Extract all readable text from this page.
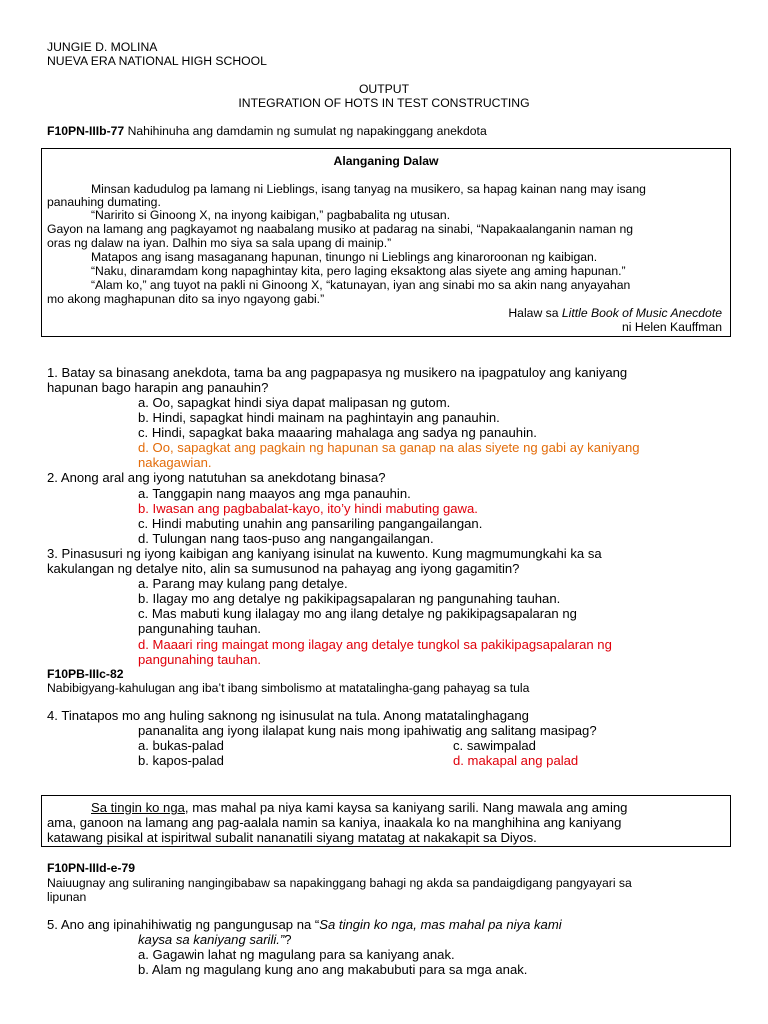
JUNGIE D. MOLINA
NUEVA ERA NATIONAL HIGH SCHOOL
OUTPUT
INTEGRATION OF HOTS IN TEST CONSTRUCTING
F10PN-IIIb-77 Nahihinuha ang damdamin ng sumulat ng napakinggang anekdota
Alanganing Dalaw
Minsan kadudulog pa lamang ni Lieblings, isang tanyag na musikero, sa hapag kainan nang may isang
panauhing dumating.
“Naririto si Ginoong X, na inyong kaibigan,” pagbabalita ng utusan.
Gayon na lamang ang pagkayamot ng naabalang musiko at padarag na sinabi, “Napakaalanganin naman ng
oras ng dalaw na iyan. Dalhin mo siya sa sala upang di mainip.”
Matapos ang isang masaganang hapunan, tinungo ni Lieblings ang kinaroroonan ng kaibigan.
“Naku, dinaramdam kong napaghintay kita, pero laging eksaktong alas siyete ang aming hapunan.”
“Alam ko,” ang tuyot na pakli ni Ginoong X, “katunayan, iyan ang sinabi mo sa akin nang anyayahan
mo akong maghapunan dito sa inyo ngayong gabi.”
Halaw sa Little Book of Music Anecdote
ni Helen Kauffman
1. Batay sa binasang anekdota, tama ba ang pagpapasya ng musikero na ipagpatuloy ang kaniyang
hapunan bago harapin ang panauhin?
a. Oo, sapagkat hindi siya dapat malipasan ng gutom.
b. Hindi, sapagkat hindi mainam na paghintayin ang panauhin.
c. Hindi, sapagkat baka maaaring mahalaga ang sadya ng panauhin.
d. Oo, sapagkat ang pagkain ng hapunan sa ganap na alas siyete ng gabi ay kaniyang
nakagawian.
2. Anong aral ang iyong natutuhan sa anekdotang binasa?
a. Tanggapin nang maayos ang mga panauhin.
b. Iwasan ang pagbabalat-kayo, ito’y hindi mabuting gawa.
c. Hindi mabuting unahin ang pansariling pangangailangan.
d. Tulungan nang taos-puso ang nangangailangan.
3. Pinasusuri ng iyong kaibigan ang kaniyang isinulat na kuwento. Kung magmumungkahi ka sa
kakulangan ng detalye nito, alin sa sumusunod na pahayag ang iyong gagamitin?
a. Parang may kulang pang detalye.
b. Ilagay mo ang detalye ng pakikipagsapalaran ng pangunahing tauhan.
c. Mas mabuti kung ilalagay mo ang ilang detalye ng pakikipagsapalaran ng
pangunahing tauhan.
d. Maaari ring maingat mong ilagay ang detalye tungkol sa pakikipagsapalaran ng
pangunahing tauhan.
F10PB-IIIc-82
Nabibigyang-kahulugan ang iba’t ibang simbolismo at matatalingha-gang pahayag sa tula
4. Tinatapos mo ang huling saknong ng isinusulat na tula. Anong matatalinghagang
pananalita ang iyong ilalapat kung nais mong ipahiwatig ang salitang masipag?
a. bukas-palad	c. sawimpalad
b. kapos-palad	d. makapal ang palad
Sa tingin ko nga, mas mahal pa niya kami kaysa sa kaniyang sarili. Nang mawala ang aming
ama, ganoon na lamang ang pag-aalala namin sa kaniya, inaakala ko na manghihina ang kaniyang
katawang pisikal at ispiritwal subalit nananatili siyang matatag at nakakapit sa Diyos.
F10PN-IIId-e-79
Naiuugnay ang suliraning nangingibabaw sa napakinggang bahagi ng akda sa pandaigdigang pangyayari sa
lipunan
5. Ano ang ipinahihiwatig ng pangungusap na “Sa tingin ko nga, mas mahal pa niya kami
kaysa sa kaniyang sarili.”?
a. Gagawin lahat ng magulang para sa kaniyang anak.
b. Alam ng magulang kung ano ang makabubuti para sa mga anak.
